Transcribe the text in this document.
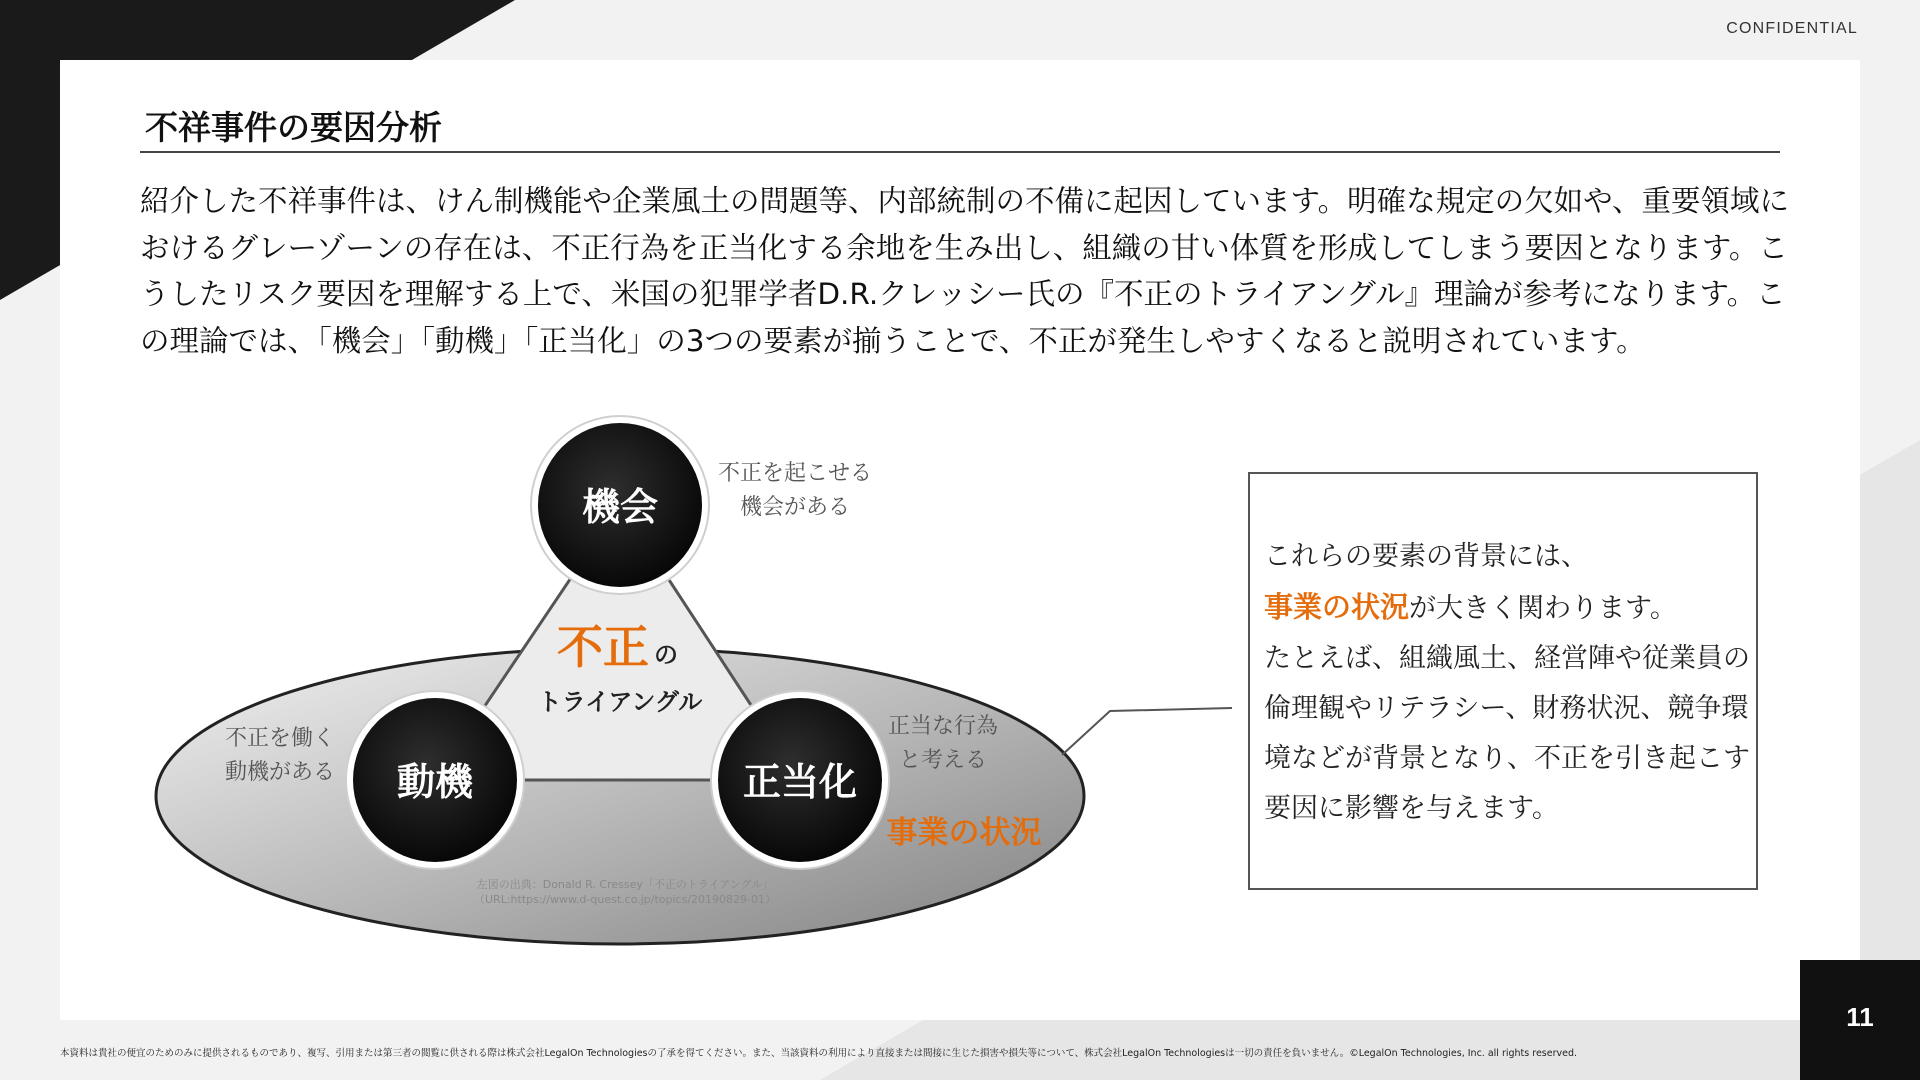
CONFIDENTIAL
不祥事件の要因分析

紹介した不祥事件は、けん制機能や企業風土の問題等、内部統制の不備に起因しています。明確な規定の欠如や、重要領域におけるグレーゾーンの存在は、不正行為を正当化する余地を生み出し、組織の甘い体質を形成してしまう要因となります。こうしたリスク要因を理解する上で、米国の犯罪学者D.R.クレッシー氏の『不正のトライアングル』理論が参考になります。この理論では、「機会」「動機」「正当化」の3つの要素が揃うことで、不正が発生しやすくなると説明されています。

機会
動機	正当化
不正 の
トライアングル
不正を起こせる
機会がある
不正を働く
動機がある
正当な行為
と考える
事業の状況
左図の出典：Donald R. Cressey「不正のトライアングル」
（URL:https://www.d-quest.co.jp/topics/20190829-01）

これらの要素の背景には、
事業の状況が大きく関わります。
たとえば、組織風土、経営陣や従業員の倫理観やリテラシー、財務状況、競争環境などが背景となり、不正を引き起こす要因に影響を与えます。

本資料は貴社の便宜のためのみに提供されるものであり、複写、引用または第三者の閲覧に供される際は株式会社LegalOn Technologiesの了承を得てください。また、当該資料の利用により直接または間接に生じた損害や損失等について、株式会社LegalOn Technologiesは一切の責任を負いません。©LegalOn Technologies, Inc. all rights reserved.
11
